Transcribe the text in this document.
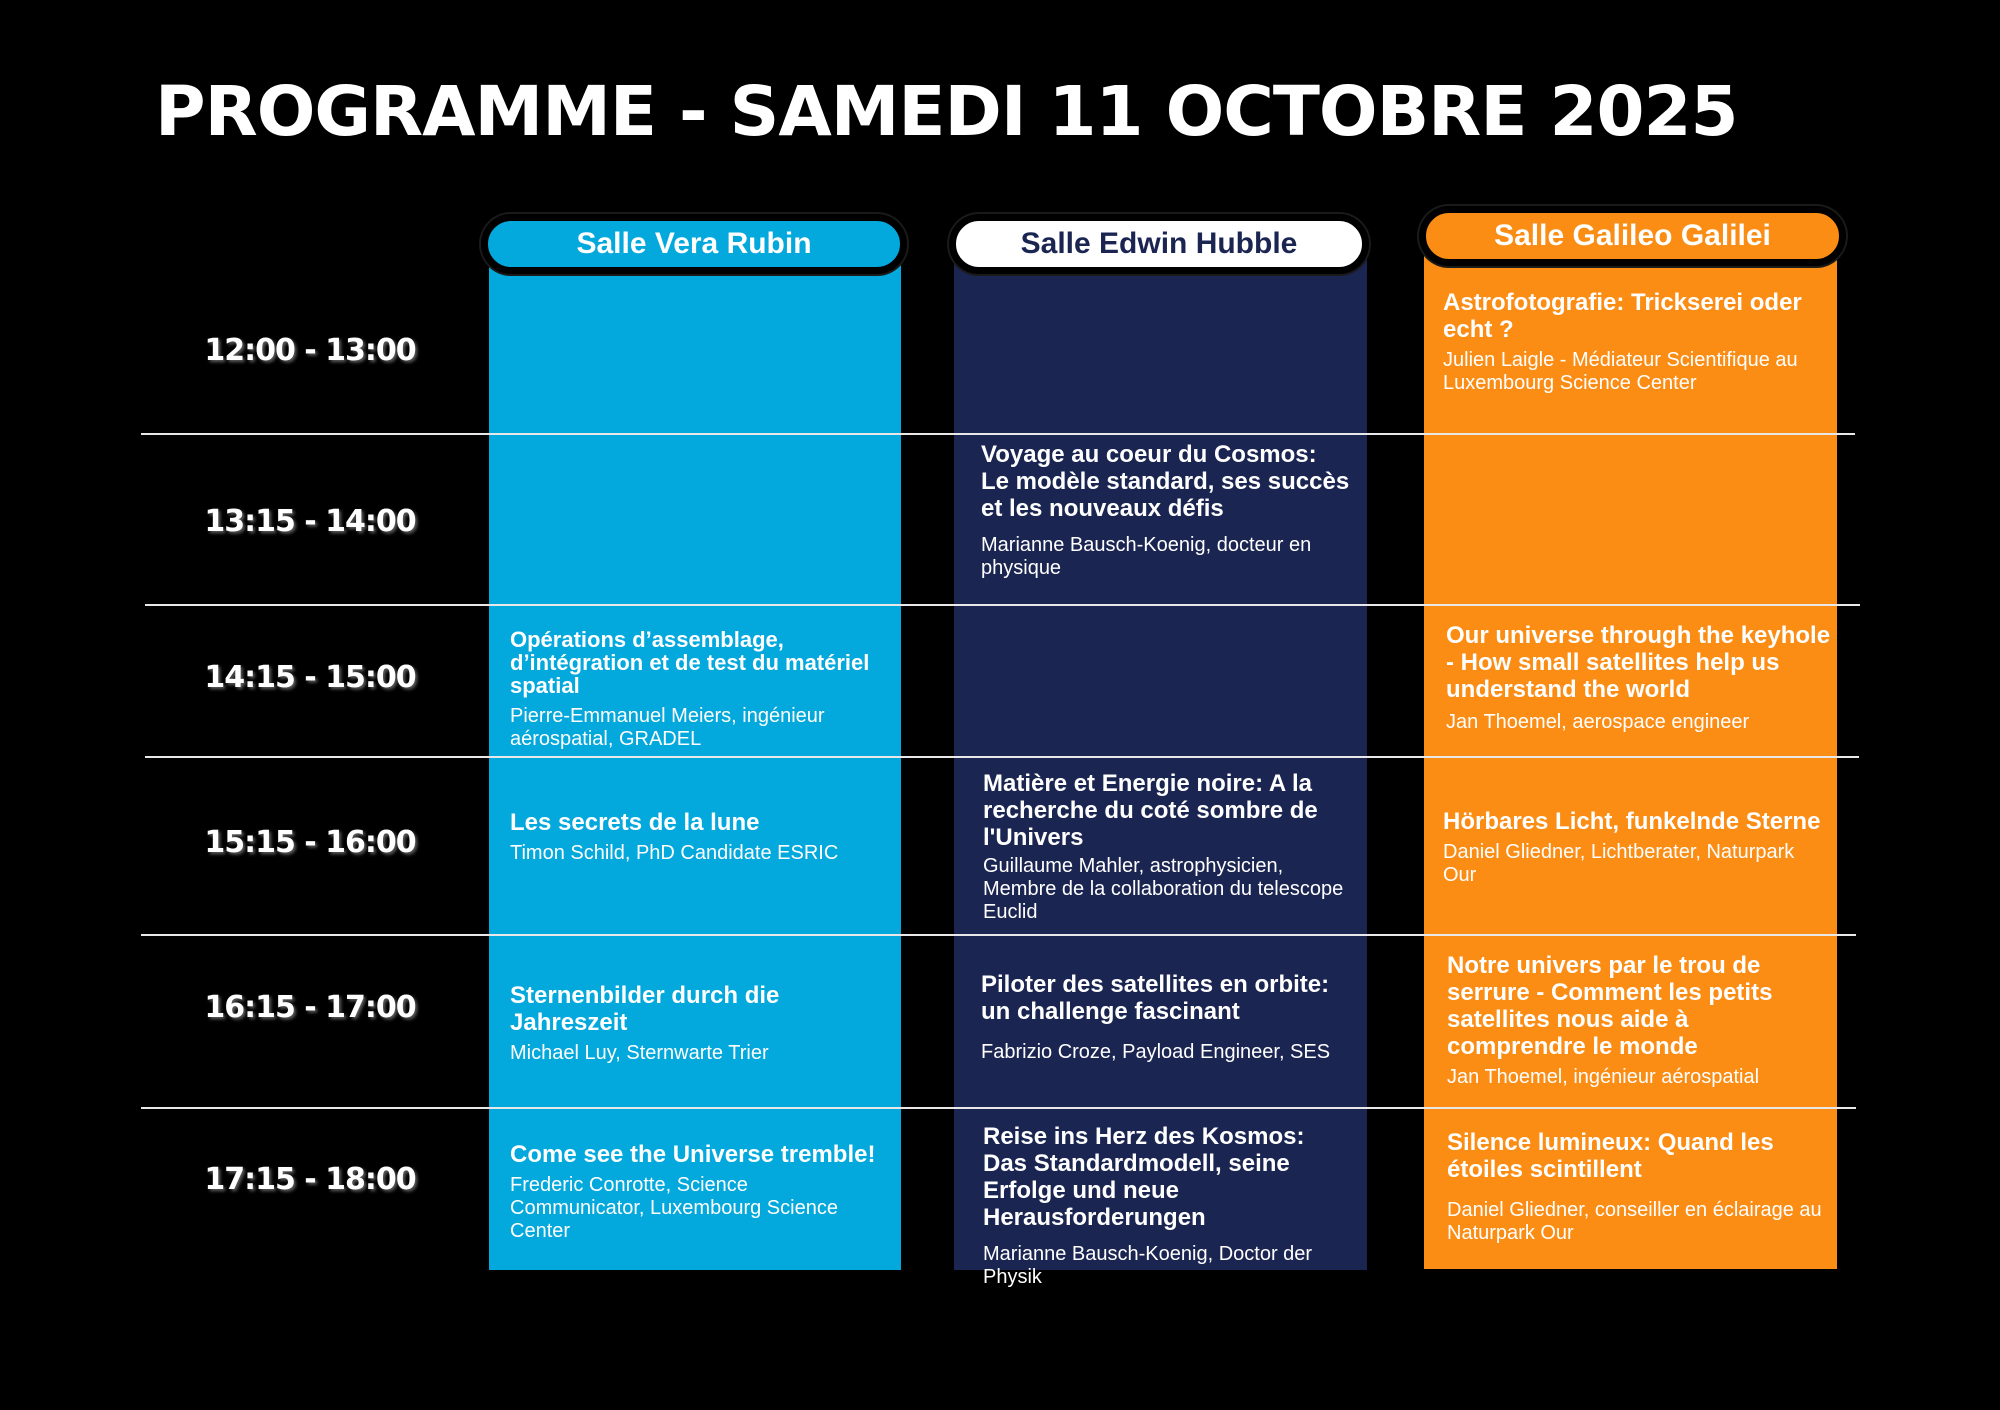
PROGRAMME - SAMEDI 11 OCTOBRE 2025
Salle Vera Rubin	Salle Edwin Hubble	Salle Galileo Galilei
12:00 - 13:00
13:15 - 14:00
14:15 - 15:00
15:15 - 16:00
16:15 - 17:00
17:15 - 18:00
Astrofotografie: Trickserei oder echt ?
Julien Laigle - Médiateur Scientifique au Luxembourg Science Center
Voyage au coeur du Cosmos: Le modèle standard, ses succès et les nouveaux défis
Marianne Bausch-Koenig, docteur en physique
Opérations d’assemblage, d’intégration et de test du matériel spatial
Pierre-Emmanuel Meiers, ingénieur aérospatial, GRADEL
Our universe through the keyhole - How small satellites help us understand the world
Jan Thoemel, aerospace engineer
Les secrets de la lune
Timon Schild, PhD Candidate ESRIC
Matière et Energie noire: A la recherche du coté sombre de l'Univers
Guillaume Mahler, astrophysicien, Membre de la collaboration du telescope Euclid
Hörbares Licht, funkelnde Sterne
Daniel Gliedner, Lichtberater, Naturpark Our
Sternenbilder durch die Jahreszeit
Michael Luy, Sternwarte Trier
Piloter des satellites en orbite: un challenge fascinant
Fabrizio Croze, Payload Engineer, SES
Notre univers par le trou de serrure - Comment les petits satellites nous aide à comprendre le monde
Jan Thoemel, ingénieur aérospatial
Come see the Universe tremble!
Frederic Conrotte, Science Communicator, Luxembourg Science Center
Reise ins Herz des Kosmos: Das Standardmodell, seine Erfolge und neue Herausforderungen
Marianne Bausch-Koenig, Doctor der Physik
Silence lumineux: Quand les étoiles scintillent
Daniel Gliedner, conseiller en éclairage au Naturpark Our
